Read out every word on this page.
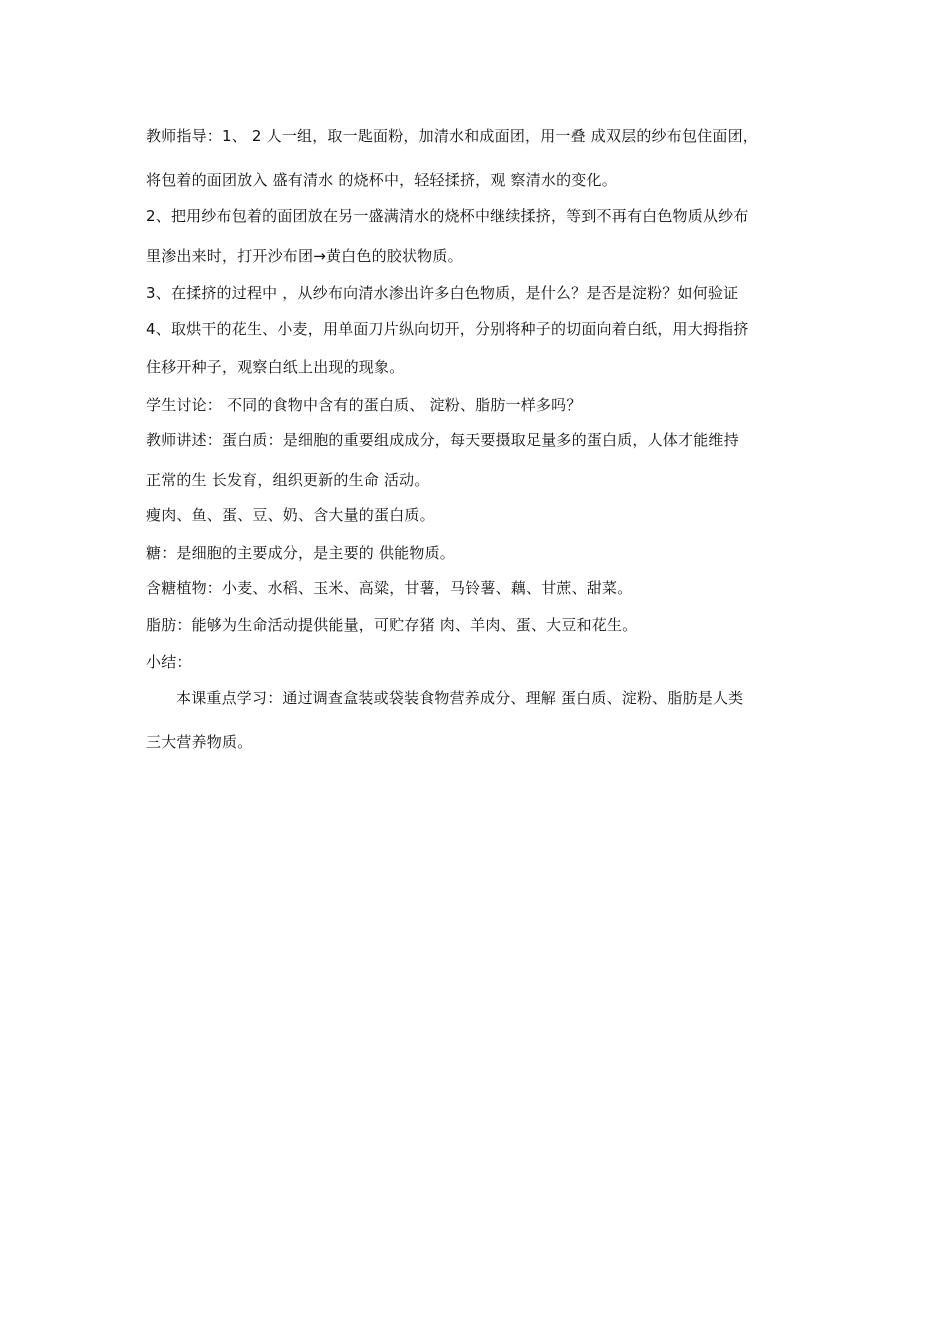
教师指导：1、 2 人一组，取一匙面粉，加清水和成面团，用一叠 成双层的纱布包住面团，
将包着的面团放入 盛有清水 的烧杯中，轻轻揉挤，观 察清水的变化。
2、把用纱布包着的面团放在另一盛满清水的烧杯中继续揉挤，等到不再有白色物质从纱布
里渗出来时，打开沙布团→黄白色的胶状物质。
3、在揉挤的过程中 ，从纱布向清水渗出许多白色物质，是什么？是否是淀粉？如何验证
4、取烘干的花生、小麦，用单面刀片纵向切开，分别将种子的切面向着白纸，用大拇指挤
住移开种子，观察白纸上出现的现象。
学生讨论： 不同的食物中含有的蛋白质、 淀粉、脂肪一样多吗？
教师讲述：蛋白质：是细胞的重要组成成分，每天要摄取足量多的蛋白质，人体才能维持
正常的生 长发育，组织更新的生命 活动。
瘦肉、鱼、蛋、豆、奶、含大量的蛋白质。
糖：是细胞的主要成分，是主要的 供能物质。
含糖植物：小麦、水稻、玉米、高粱，甘薯，马铃薯、藕、甘蔗、甜菜。
脂肪：能够为生命活动提供能量，可贮存猪 肉、羊肉、蛋、大豆和花生。
小结：
本课重点学习：通过调查盒装或袋装食物营养成分、理解 蛋白质、淀粉、脂肪是人类
三大营养物质。
